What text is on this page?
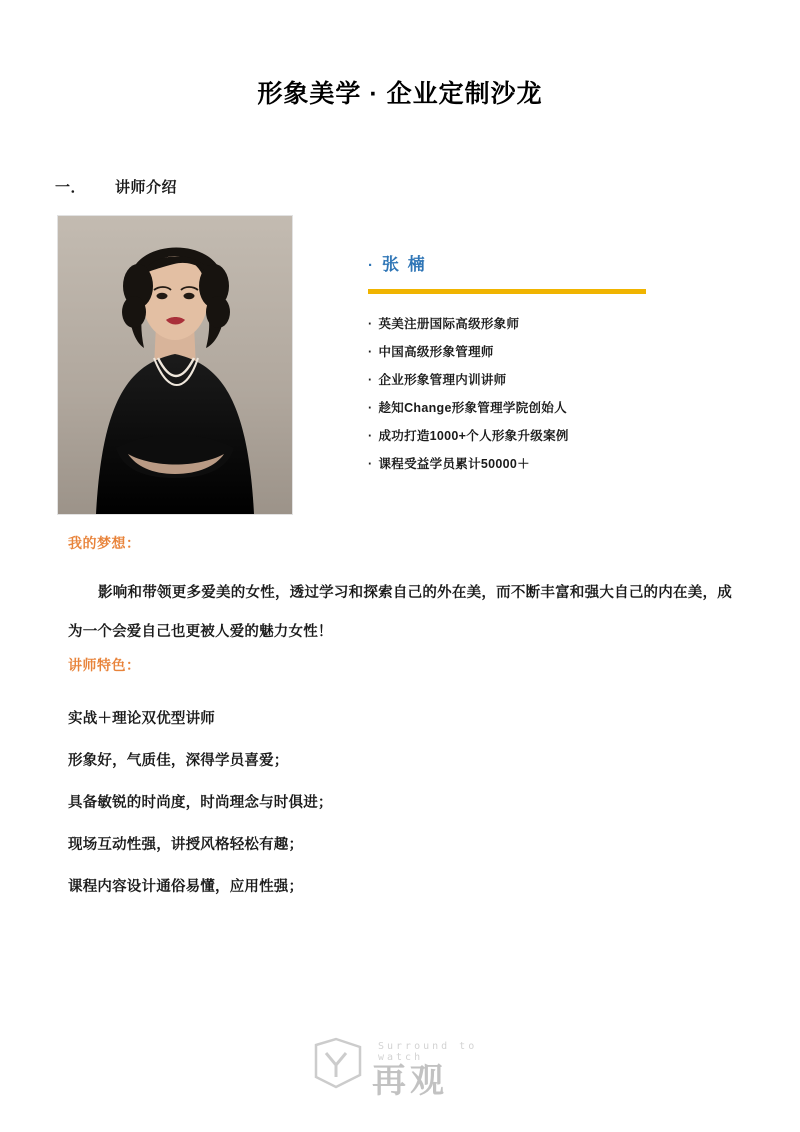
形象美学 · 企业定制沙龙
一． 讲师介绍
· 张 楠
· 英美注册国际高级形象师
· 中国高级形象管理师
· 企业形象管理内训讲师
· 趁知Change形象管理学院创始人
· 成功打造1000+个人形象升级案例
· 课程受益学员累计50000＋
我的梦想：
影响和带领更多爱美的女性，透过学习和探索自己的外在美，而不断丰富和强大自己的内在美，成为一个会爱自己也更被人爱的魅力女性！
讲师特色：
实战＋理论双优型讲师
形象好，气质佳，深得学员喜爱；
具备敏锐的时尚度，时尚理念与时俱进；
现场互动性强，讲授风格轻松有趣；
课程内容设计通俗易懂，应用性强；
Surround to watch
再观
